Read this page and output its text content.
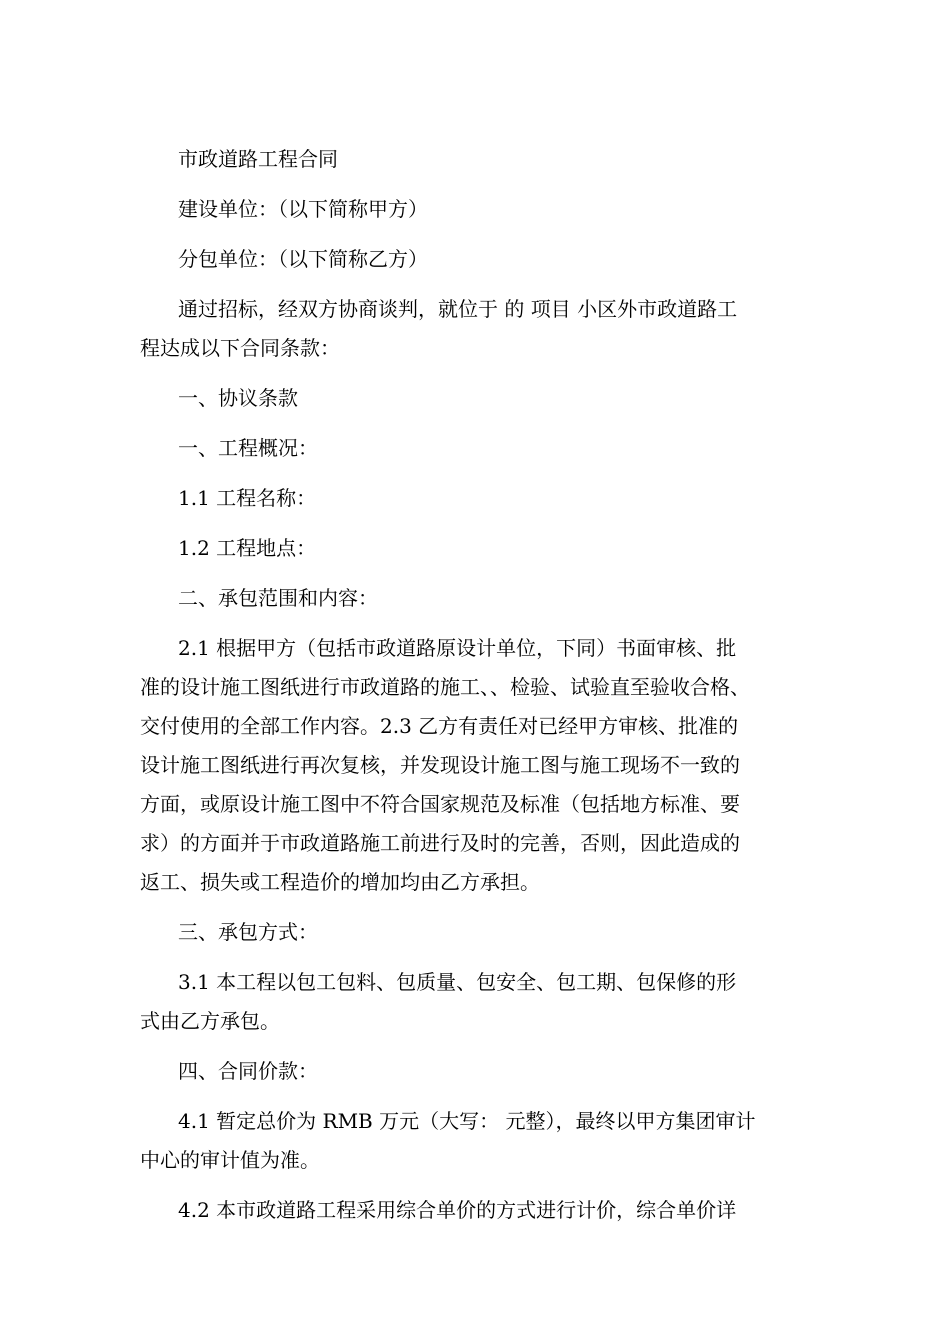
市政道路工程合同

建设单位：（以下简称甲方）

分包单位：（以下简称乙方）

通过招标，经双方协商谈判，就位于 的 项目 小区外市政道路工
程达成以下合同条款：

一、协议条款

一、工程概况：

1.1 工程名称：

1.2 工程地点：

二、承包范围和内容：

2.1 根据甲方（包括市政道路原设计单位，下同）书面审核、批
准的设计施工图纸进行市政道路的施工、、检验、试验直至验收合格、
交付使用的全部工作内容。2.3 乙方有责任对已经甲方审核、批准的
设计施工图纸进行再次复核，并发现设计施工图与施工现场不一致的
方面，或原设计施工图中不符合国家规范及标准（包括地方标准、要
求）的方面并于市政道路施工前进行及时的完善，否则，因此造成的
返工、损失或工程造价的增加均由乙方承担。

三、承包方式：

3.1 本工程以包工包料、包质量、包安全、包工期、包保修的形
式由乙方承包。

四、合同价款：

4.1 暂定总价为 RMB 万元（大写： 元整），最终以甲方集团审计
中心的审计值为准。

4.2 本市政道路工程采用综合单价的方式进行计价，综合单价详
